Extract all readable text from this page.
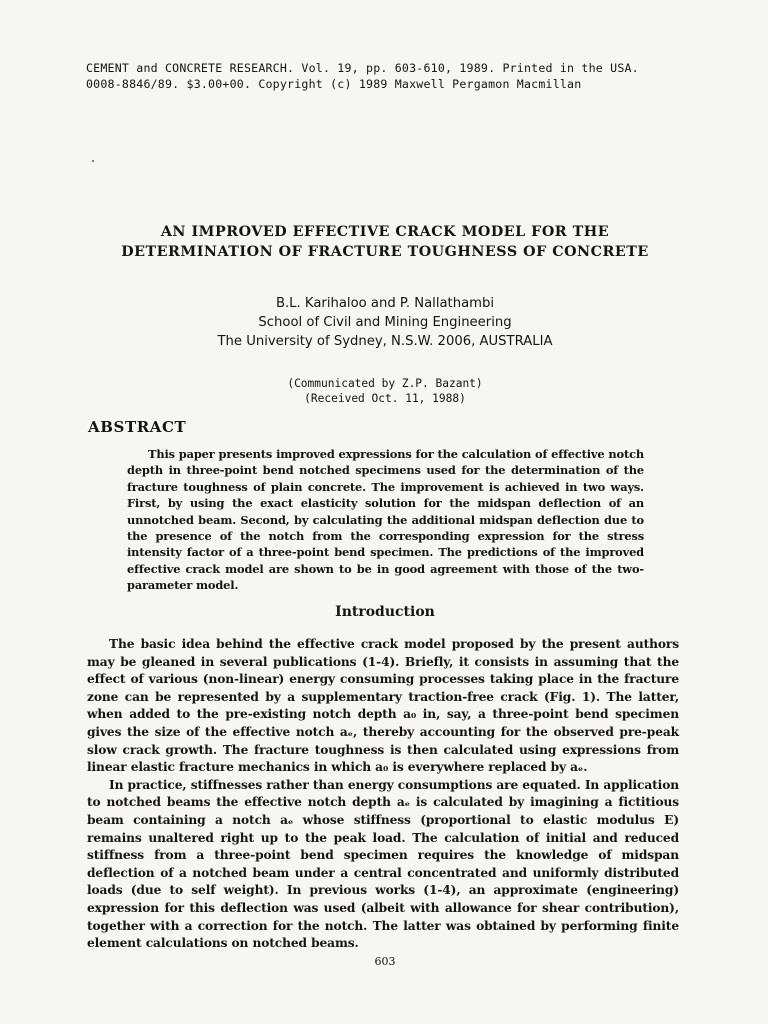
CEMENT and CONCRETE RESEARCH. Vol. 19, pp. 603-610, 1989. Printed in the USA.
0008-8846/89. $3.00+00. Copyright (c) 1989 Maxwell Pergamon Macmillan
AN IMPROVED EFFECTIVE CRACK MODEL FOR THE
DETERMINATION OF FRACTURE TOUGHNESS OF CONCRETE
B.L. Karihaloo and P. Nallathambi
School of Civil and Mining Engineering
The University of Sydney, N.S.W. 2006, AUSTRALIA
(Communicated by Z.P. Bazant)
(Received Oct. 11, 1988)
ABSTRACT
This paper presents improved expressions for the calculation of effective notch depth in three-point bend notched specimens used for the determination of the fracture toughness of plain concrete. The improvement is achieved in two ways. First, by using the exact elasticity solution for the midspan deflection of an unnotched beam. Second, by calculating the additional midspan deflection due to the presence of the notch from the corresponding expression for the stress intensity factor of a three-point bend specimen. The predictions of the improved effective crack model are shown to be in good agreement with those of the two-parameter model.
Introduction

The basic idea behind the effective crack model proposed by the present authors may be gleaned in several publications (1-4). Briefly, it consists in assuming that the effect of various (non-linear) energy consuming processes taking place in the fracture zone can be represented by a supplementary traction-free crack (Fig. 1). The latter, when added to the pre-existing notch depth a₀ in, say, a three-point bend specimen gives the size of the effective notch aₑ, thereby accounting for the observed pre-peak slow crack growth. The fracture toughness is then calculated using expressions from linear elastic fracture mechanics in which a₀ is everywhere replaced by aₑ.

In practice, stiffnesses rather than energy consumptions are equated. In application to notched beams the effective notch depth aₑ is calculated by imagining a fictitious beam containing a notch aₑ whose stiffness (proportional to elastic modulus E) remains unaltered right up to the peak load. The calculation of initial and reduced stiffness from a three-point bend specimen requires the knowledge of midspan deflection of a notched beam under a central concentrated and uniformly distributed loads (due to self weight). In previous works (1-4), an approximate (engineering) expression for this deflection was used (albeit with allowance for shear contribution), together with a correction for the notch. The latter was obtained by performing finite element calculations on notched beams.

603
